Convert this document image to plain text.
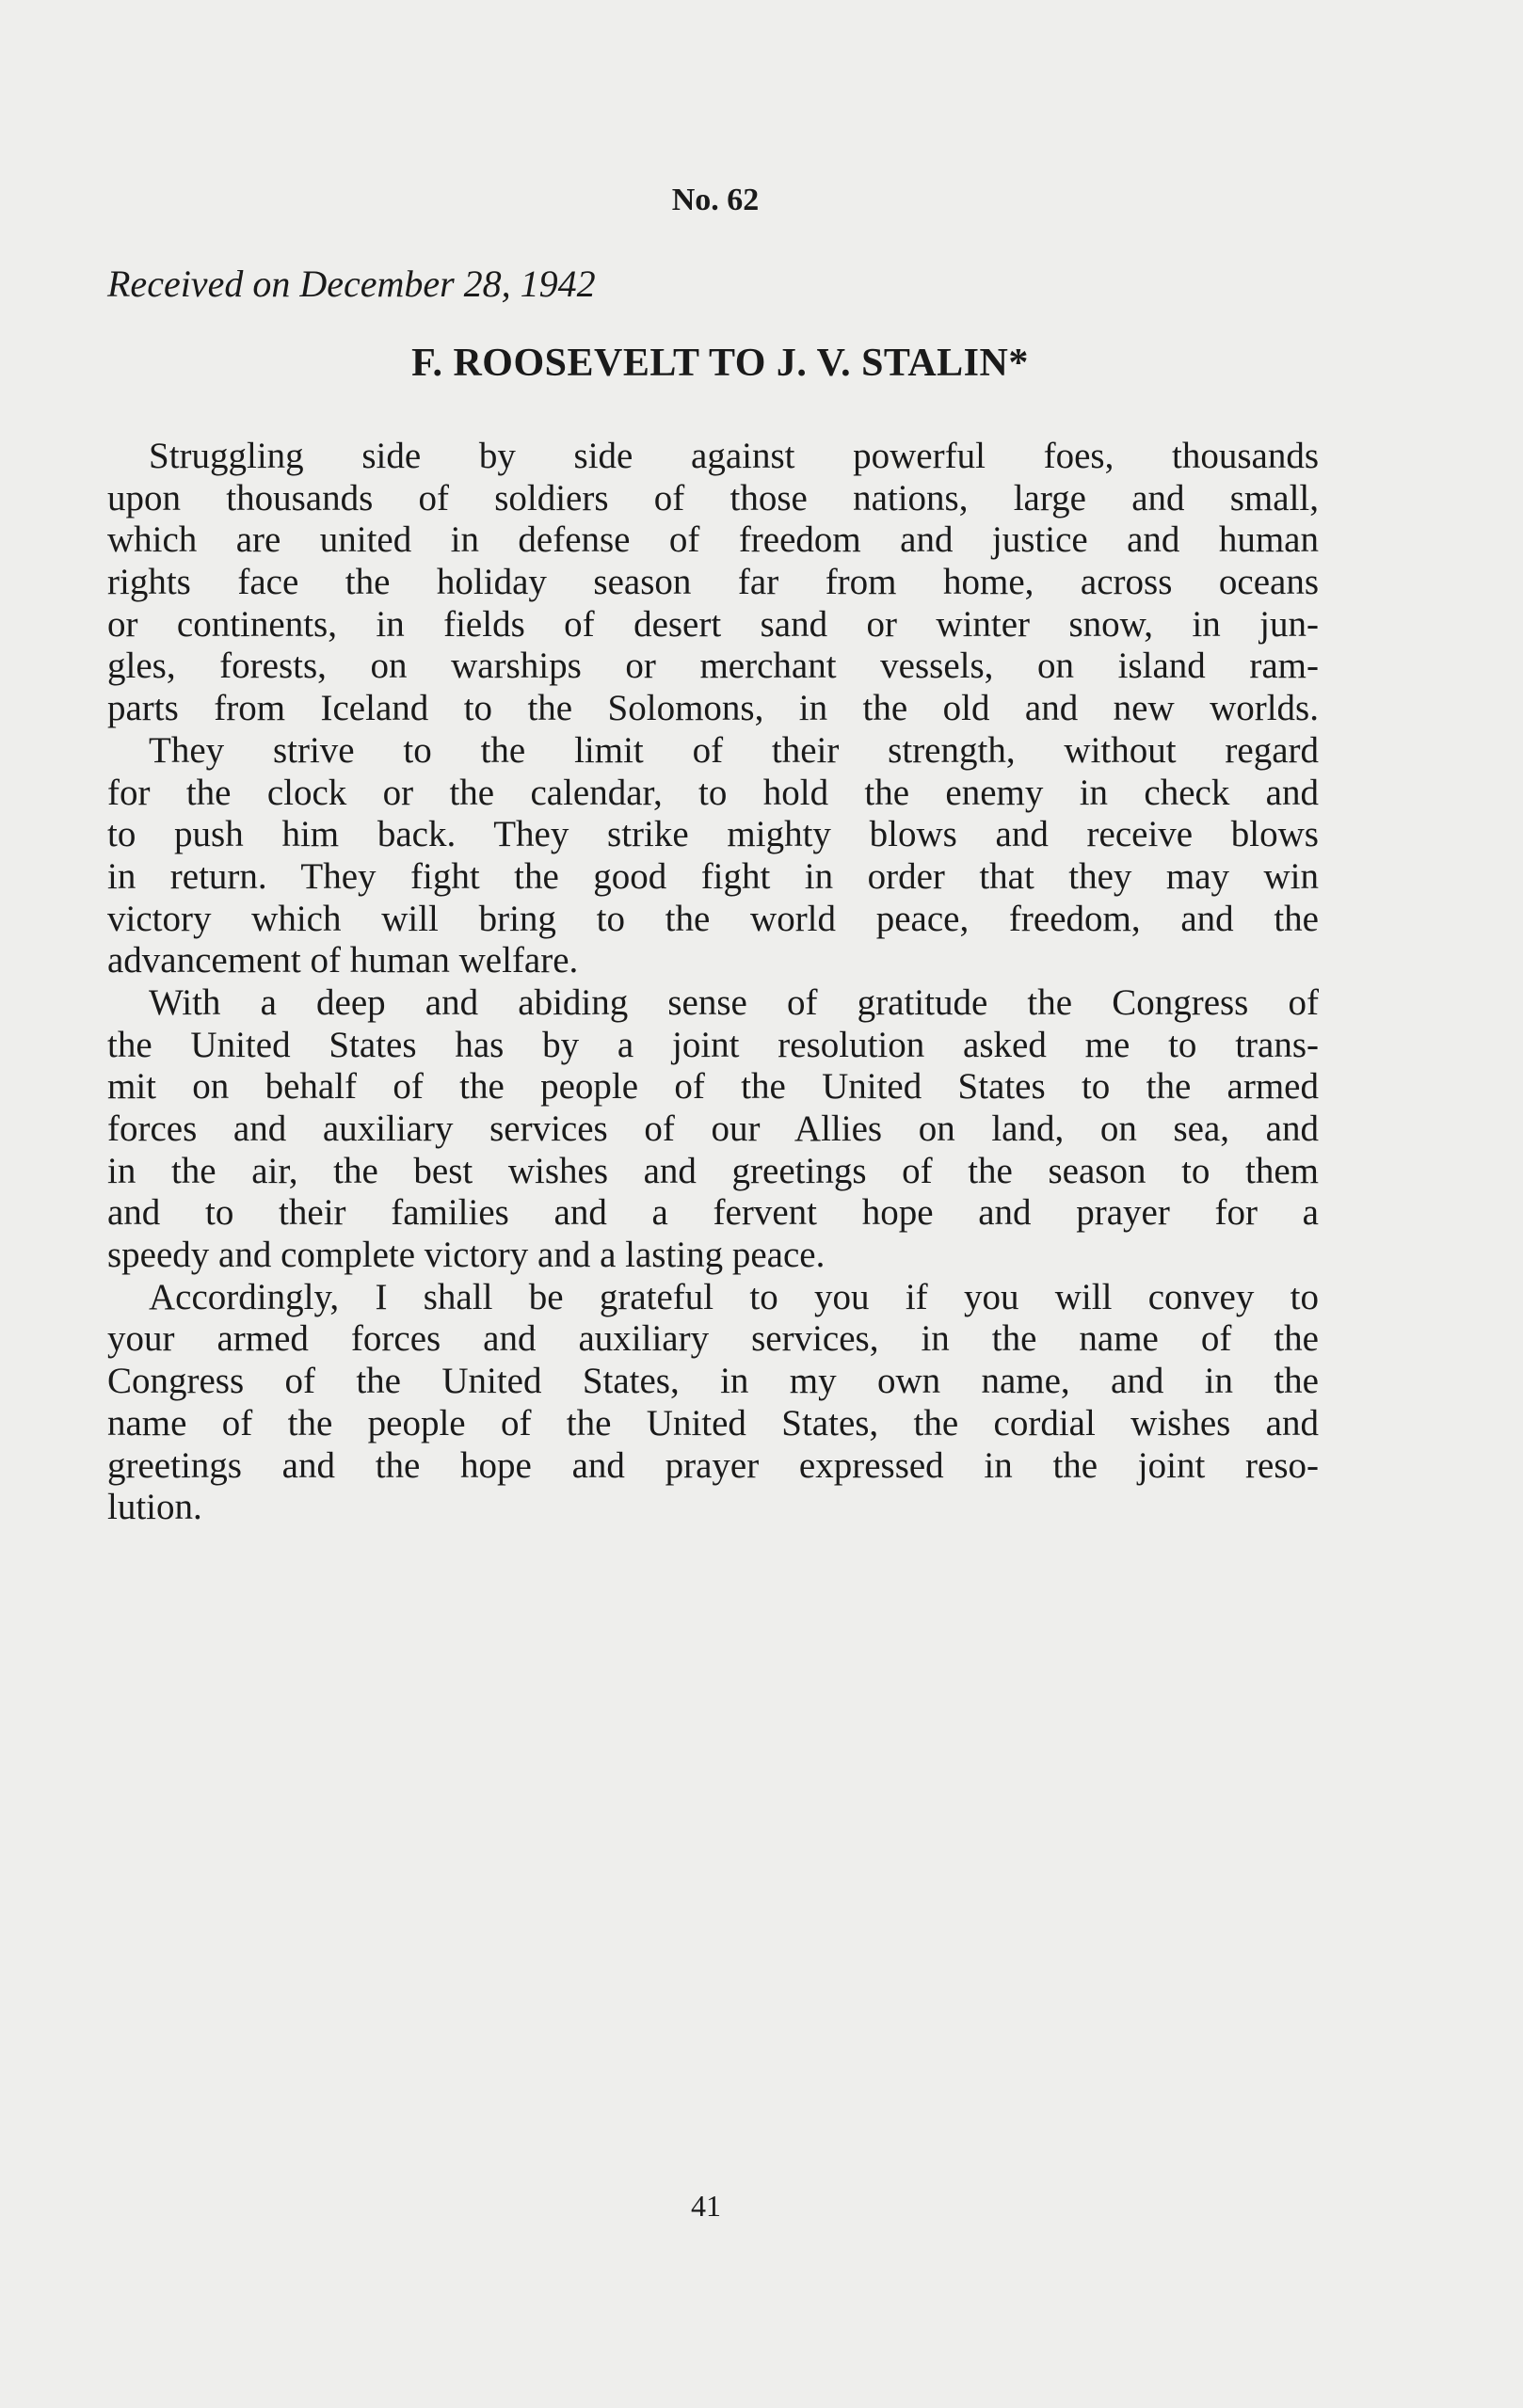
No. 62
Received on December 28, 1942
F. ROOSEVELT TO J. V. STALIN*
Struggling side by side against powerful foes, thousands
upon thousands of soldiers of those nations, large and small,
which are united in defense of freedom and justice and human
rights face the holiday season far from home, across oceans
or continents, in fields of desert sand or winter snow, in jun-
gles, forests, on warships or merchant vessels, on island ram-
parts from Iceland to the Solomons, in the old and new worlds.
They strive to the limit of their strength, without regard
for the clock or the calendar, to hold the enemy in check and
to push him back. They strike mighty blows and receive blows
in return. They fight the good fight in order that they may win
victory which will bring to the world peace, freedom, and the
advancement of human welfare.
With a deep and abiding sense of gratitude the Congress of
the United States has by a joint resolution asked me to trans-
mit on behalf of the people of the United States to the armed
forces and auxiliary services of our Allies on land, on sea, and
in the air, the best wishes and greetings of the season to them
and to their families and a fervent hope and prayer for a
speedy and complete victory and a lasting peace.
Accordingly, I shall be grateful to you if you will convey to
your armed forces and auxiliary services, in the name of the
Congress of the United States, in my own name, and in the
name of the people of the United States, the cordial wishes and
greetings and the hope and prayer expressed in the joint reso-
lution.
41
